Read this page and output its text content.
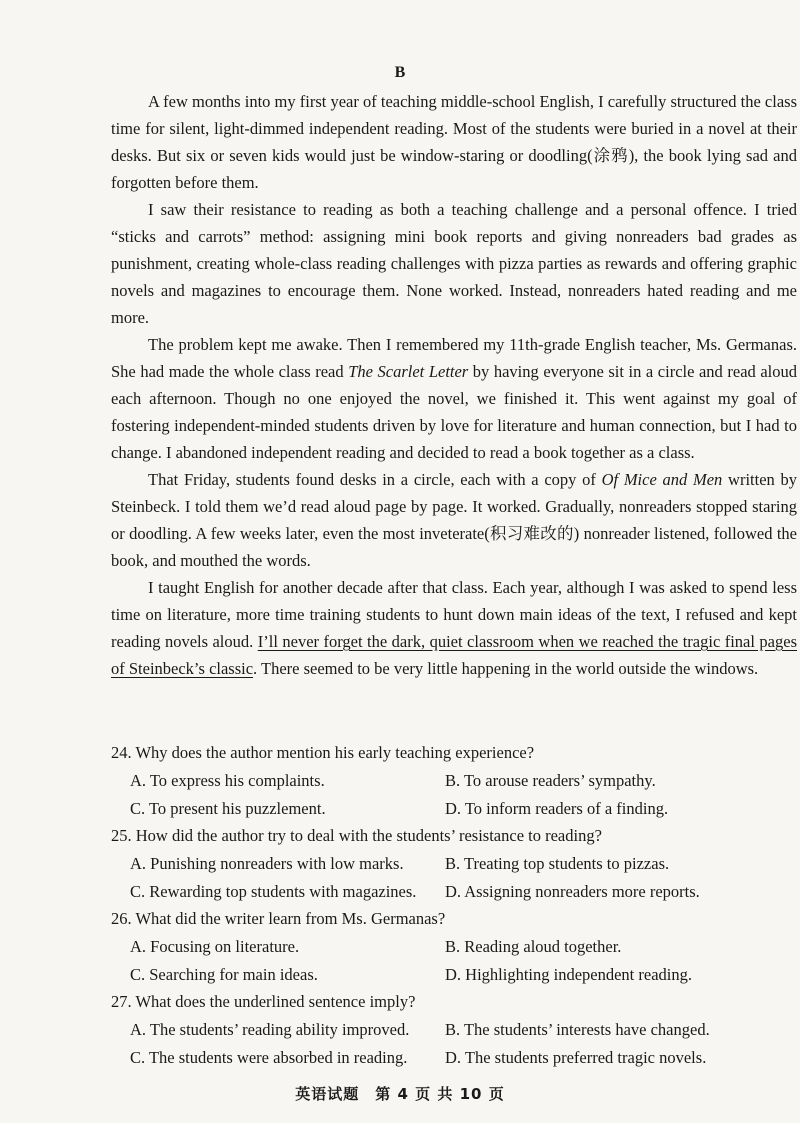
B

A few months into my first year of teaching middle-school English, I carefully structured the class time for silent, light-dimmed independent reading. Most of the students were buried in a novel at their desks. But six or seven kids would just be window-staring or doodling(涂鸦), the book lying sad and forgotten before them.

I saw their resistance to reading as both a teaching challenge and a personal offence. I tried “sticks and carrots” method: assigning mini book reports and giving nonreaders bad grades as punishment, creating whole-class reading challenges with pizza parties as rewards and offering graphic novels and magazines to encourage them. None worked. Instead, nonreaders hated reading and me more.

The problem kept me awake. Then I remembered my 11th-grade English teacher, Ms. Germanas. She had made the whole class read The Scarlet Letter by having everyone sit in a circle and read aloud each afternoon. Though no one enjoyed the novel, we finished it. This went against my goal of fostering independent-minded students driven by love for literature and human connection, but I had to change. I abandoned independent reading and decided to read a book together as a class.

That Friday, students found desks in a circle, each with a copy of Of Mice and Men written by Steinbeck. I told them we’d read aloud page by page. It worked. Gradually, nonreaders stopped staring or doodling. A few weeks later, even the most inveterate(积习难改的) nonreader listened, followed the book, and mouthed the words.

I taught English for another decade after that class. Each year, although I was asked to spend less time on literature, more time training students to hunt down main ideas of the text, I refused and kept reading novels aloud. I’ll never forget the dark, quiet classroom when we reached the tragic final pages of Steinbeck’s classic. There seemed to be very little happening in the world outside the windows.

24. Why does the author mention his early teaching experience?
A. To express his complaints.	B. To arouse readers’ sympathy.
C. To present his puzzlement.	D. To inform readers of a finding.
25. How did the author try to deal with the students’ resistance to reading?
A. Punishing nonreaders with low marks.	B. Treating top students to pizzas.
C. Rewarding top students with magazines.	D. Assigning nonreaders more reports.
26. What did the writer learn from Ms. Germanas?
A. Focusing on literature.	B. Reading aloud together.
C. Searching for main ideas.	D. Highlighting independent reading.
27. What does the underlined sentence imply?
A. The students’ reading ability improved.	B. The students’ interests have changed.
C. The students were absorbed in reading.	D. The students preferred tragic novels.
英语试题　第 4 页 共 10 页
